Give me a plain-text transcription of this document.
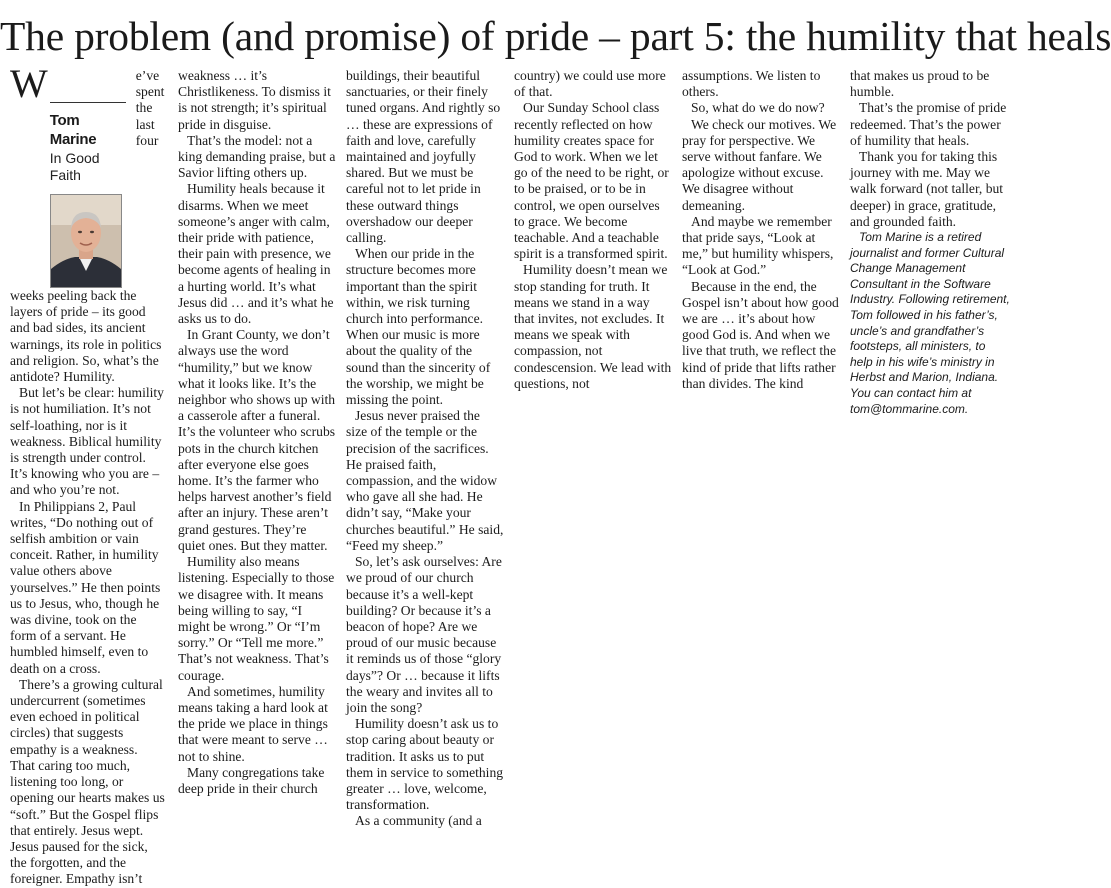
The problem (and promise) of pride – part 5: the humility that heals

W
Tom
Marine
In Good Faith
e’ve spent the last four weeks peeling back the layers of pride – its good and bad sides, its ancient warnings, its role in politics and religion. So, what’s the antidote? Humility.

But let’s be clear: humility is not humiliation. It’s not self-loathing, nor is it weakness. Biblical humility is strength under control. It’s knowing who you are – and who you’re not.

In Philippians 2, Paul writes, “Do nothing out of selfish ambition or vain conceit. Rather, in humility value others above yourselves.” He then points us to Jesus, who, though he was divine, took on the form of a servant. He humbled himself, even to death on a cross.

There’s a growing cultural undercurrent (sometimes even echoed in political circles) that suggests empathy is a weakness. That caring too much, listening too long, or opening our hearts makes us “soft.” But the Gospel flips that entirely. Jesus wept. Jesus paused for the sick, the forgotten, and the foreigner. Empathy isn’t

weakness … it’s Christlikeness. To dismiss it is not strength; it’s spiritual pride in disguise.

That’s the model: not a king demanding praise, but a Savior lifting others up.

Humility heals because it disarms. When we meet someone’s anger with calm, their pride with patience, their pain with presence, we become agents of healing in a hurting world. It’s what Jesus did … and it’s what he asks us to do.

In Grant County, we don’t always use the word “humility,” but we know what it looks like. It’s the neighbor who shows up with a casserole after a funeral. It’s the volunteer who scrubs pots in the church kitchen after everyone else goes home. It’s the farmer who helps harvest another’s field after an injury. These aren’t grand gestures. They’re quiet ones. But they matter.

Humility also means listening. Especially to those we disagree with. It means being willing to say, “I might be wrong.” Or “I’m sorry.” Or “Tell me more.” That’s not weakness. That’s courage.

And sometimes, humility means taking a hard look at the pride we place in things that were meant to serve … not to shine.

Many congregations take deep pride in their church

buildings, their beautiful sanctuaries, or their finely tuned organs. And rightly so … these are expressions of faith and love, carefully maintained and joyfully shared. But we must be careful not to let pride in these outward things overshadow our deeper calling.

When our pride in the structure becomes more important than the spirit within, we risk turning church into performance. When our music is more about the quality of the sound than the sincerity of the worship, we might be missing the point.

Jesus never praised the size of the temple or the precision of the sacrifices. He praised faith, compassion, and the widow who gave all she had. He didn’t say, “Make your churches beautiful.” He said, “Feed my sheep.”

So, let’s ask ourselves: Are we proud of our church because it’s a well-kept building? Or because it’s a beacon of hope? Are we proud of our music because it reminds us of those “glory days”? Or … because it lifts the weary and invites all to join the song?

Humility doesn’t ask us to stop caring about beauty or tradition. It asks us to put them in service to something greater … love, welcome, transformation.

As a community (and a

country) we could use more of that.

Our Sunday School class recently reflected on how humility creates space for God to work. When we let go of the need to be right, or to be praised, or to be in control, we open ourselves to grace. We become teachable. And a teachable spirit is a transformed spirit.

Humility doesn’t mean we stop standing for truth. It means we stand in a way that invites, not excludes. It means we speak with compassion, not condescension. We lead with questions, not

assumptions. We listen to others.

So, what do we do now?

We check our motives. We pray for perspective. We serve without fanfare. We apologize without excuse. We disagree without demeaning.

And maybe we remember that pride says, “Look at me,” but humility whispers, “Look at God.”

Because in the end, the Gospel isn’t about how good we are … it’s about how good God is. And when we live that truth, we reflect the kind of pride that lifts rather than divides. The kind

that makes us proud to be humble.

That’s the promise of pride redeemed. That’s the power of humility that heals.

Thank you for taking this journey with me. May we walk forward (not taller, but deeper) in grace, gratitude, and grounded faith.

Tom Marine is a retired journalist and former Cultural Change Management Consultant in the Software Industry. Following retirement, Tom followed in his father’s, uncle’s and grandfather’s footsteps, all ministers, to help in his wife’s ministry in Herbst and Marion, Indiana. You can contact him at tom@tommarine.com.
